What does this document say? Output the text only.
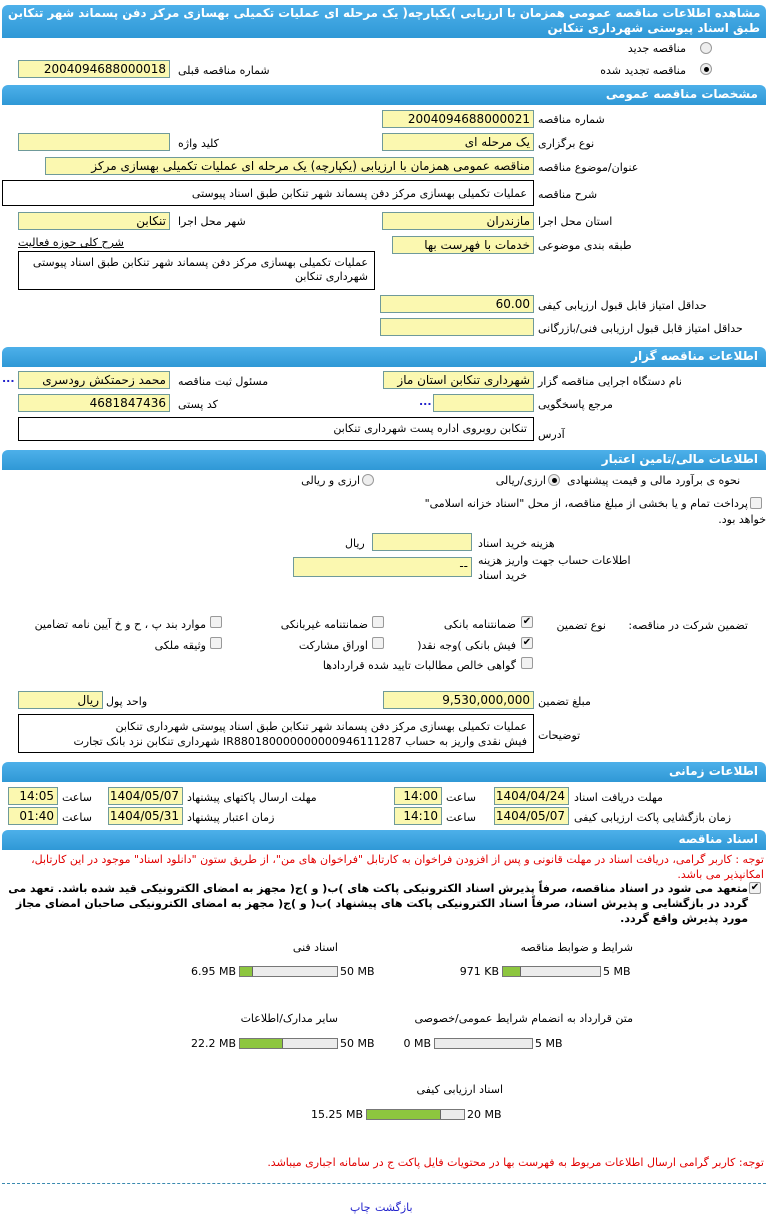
مشاهده اطلاعات مناقصه عمومی همزمان با ارزیابی )یکپارچه( یک مرحله ای عملیات تکمیلی بهسازی مرکز دفن پسماند شهر تنکابن
طبق اسناد پیوستی شهرداری تنکابن
مناقصه جدید
مناقصه تجدید شده
شماره مناقصه قبلی
2004094688000018
مشخصات مناقصه عمومی
شماره مناقصه
2004094688000021
نوع برگزاری
یک مرحله ای
کلید واژه
عنوان/موضوع مناقصه
مناقصه عمومی همزمان با ارزیابی (یکپارچه) یک مرحله ای عملیات تکمیلی بهسازی مرکز
شرح مناقصه
عملیات تکمیلی بهسازی مرکز دفن پسماند شهر تنکابن طبق اسناد پیوستی
استان محل اجرا
مازندران
شهر محل اجرا
تنکابن
طبقه بندی موضوعی
خدمات با فهرست بها
شرح کلی حوزه فعالیت
عملیات تکمیلی بهسازی مرکز دفن پسماند شهر تنکابن طبق اسناد پیوستی شهرداری تنکابن
حداقل امتیاز قابل قبول ارزیابی کیفی
60.00
حداقل امتیاز قابل قبول ارزیابی فنی/بازرگانی
اطلاعات مناقصه گزار
نام دستگاه اجرایی مناقصه گزار
شهرداری تنکابن استان ماز
مسئول ثبت مناقصه
محمد زحمتکش رودسری
...
مرجع پاسخگویی
...
کد پستی
4681847436
آدرس
تنکابن روبروی اداره پست شهرداری تنکابن
اطلاعات مالی/تامین اعتبار
نحوه ی برآورد مالی و قیمت پیشنهادی
ارزی/ریالی
ارزی و ریالی
پرداخت تمام و یا بخشی از مبلغ مناقصه، از محل "اسناد خزانه اسلامی"
خواهد بود.
هزینه خرید اسناد
ریال
اطلاعات حساب جهت واریز هزینه
خرید اسناد
--
تضمین شرکت در مناقصه:
نوع تضمین
✔
ضمانتنامه بانکی
ضمانتنامه غیربانکی
موارد بند پ ، ح و خ آیین نامه تضامین
✔
فیش بانکی )وجه نقد(
اوراق مشارکت
وثیقه ملکی
گواهی خالص مطالبات تایید شده قراردادها
مبلغ تضمین
9,530,000,000
واحد پول
ریال
توضیحات
عملیات تکمیلی بهسازی مرکز دفن پسماند شهر تنکابن طبق اسناد پیوستی شهرداری تنکابن
فیش نقدی واریز به حساب IR880180000000000946111287 شهرداری تنکابن نزد بانک تجارت
اطلاعات زمانی
مهلت دریافت اسناد
1404/04/24
ساعت
14:00
مهلت ارسال پاکتهای پیشنهاد
1404/05/07
ساعت
14:05
زمان بازگشایی پاکت ارزیابی کیفی
1404/05/07
ساعت
14:10
زمان اعتبار پیشنهاد
1404/05/31
ساعت
01:40
اسناد مناقصه
توجه : کاربر گرامی، دریافت اسناد در مهلت قانونی و پس از افزودن فراخوان به کارتابل "فراخوان های من"، از طریق ستون "دانلود اسناد" موجود در این کارتابل، امکانپذیر می باشد.
✔
متعهد می شود در اسناد مناقصه، صرفاً پذیرش اسناد الکترونیکی پاکت های )ب( و )ج( مجهز به امضای الکترونیکی قید شده باشد. تعهد می گردد در بازگشایی و پذیرش اسناد، صرفاً اسناد الکترونیکی پاکت های پیشنهاد )ب( و )ج( مجهز به امضای الکترونیکی صاحبان امضای مجاز مورد پذیرش واقع گردد.
شرایط و ضوابط مناقصه
5 MB
971 KB
اسناد فنی
50 MB
6.95 MB
متن قرارداد به انضمام شرایط عمومی/خصوصی
5 MB
0 MB
سایر مدارک/اطلاعات
50 MB
22.2 MB
اسناد ارزیابی کیفی
20 MB
15.25 MB
توجه: کاربر گرامی ارسال اطلاعات مربوط به فهرست بها در محتویات فایل پاکت ج در سامانه اجباری میباشد.
چاپ بازگشت
